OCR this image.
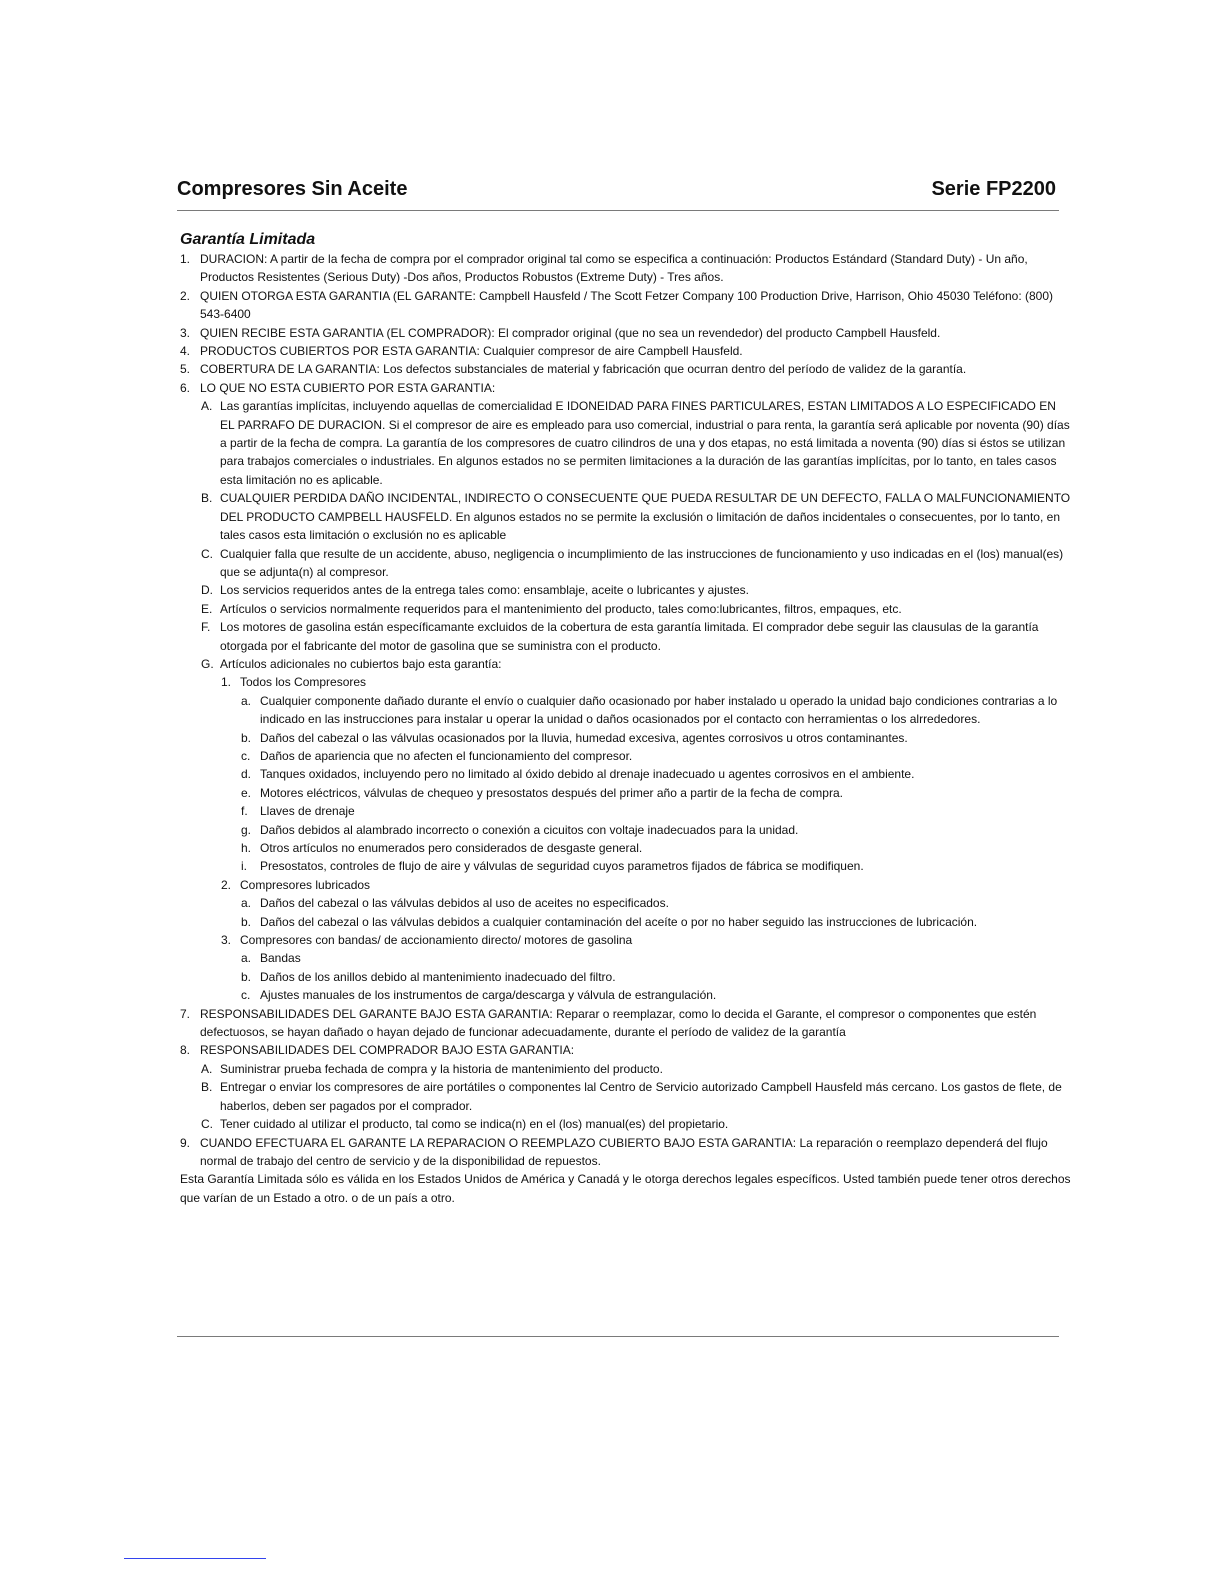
Compresores Sin Aceite	Serie FP2200
Garantía Limitada
1. DURACION: A partir de la fecha de compra por el comprador original tal como se especifica a continuación: Productos Estándard (Standard Duty) - Un año, Productos Resistentes (Serious Duty) -Dos años, Productos Robustos (Extreme Duty) - Tres años.
2. QUIEN OTORGA ESTA GARANTIA (EL GARANTE: Campbell Hausfeld / The Scott Fetzer Company 100 Production Drive, Harrison, Ohio 45030 Teléfono: (800) 543-6400
3. QUIEN RECIBE ESTA GARANTIA (EL COMPRADOR): El comprador original (que no sea un revendedor) del producto Campbell Hausfeld.
4. PRODUCTOS CUBIERTOS POR ESTA GARANTIA: Cualquier compresor de aire Campbell Hausfeld.
5. COBERTURA DE LA GARANTIA: Los defectos substanciales de material y fabricación que ocurran dentro del período de validez de la garantía.
6. LO QUE NO ESTA CUBIERTO POR ESTA GARANTIA:
A. Las garantías implícitas, incluyendo aquellas de comercialidad E IDONEIDAD PARA FINES PARTICULARES, ESTAN LIMITADOS A LO ESPECIFICADO EN EL PARRAFO DE DURACION. Si el compresor de aire es empleado para uso comercial, industrial o para renta, la garantía será aplicable por noventa (90) días a partir de la fecha de compra. La garantía de los compresores de cuatro cilindros de una y dos etapas, no está limitada a noventa (90) días si éstos se utilizan para trabajos comerciales o industriales. En algunos estados no se permiten limitaciones a la duración de las garantías implícitas, por lo tanto, en tales casos esta limitación no es aplicable.
B. CUALQUIER PERDIDA DAÑO INCIDENTAL, INDIRECTO O CONSECUENTE QUE PUEDA RESULTAR DE UN DEFECTO, FALLA O MALFUNCIONAMIENTO DEL PRODUCTO CAMPBELL HAUSFELD. En algunos estados no se permite la exclusión o limitación de daños incidentales o consecuentes, por lo tanto, en tales casos esta limitación o exclusión no es aplicable
C. Cualquier falla que resulte de un accidente, abuso, negligencia o incumplimiento de las instrucciones de funcionamiento y uso indicadas en el (los) manual(es) que se adjunta(n) al compresor.
D. Los servicios requeridos antes de la entrega tales como: ensamblaje, aceite o lubricantes y ajustes.
E. Artículos o servicios normalmente requeridos para el mantenimiento del producto, tales como:lubricantes, filtros, empaques, etc.
F. Los motores de gasolina están específicamante excluidos de la cobertura de esta garantía limitada. El comprador debe seguir las clausulas de la garantía otorgada por el fabricante del motor de gasolina que se suministra con el producto.
G. Artículos adicionales no cubiertos bajo esta garantía:
1. Todos los Compresores
a. Cualquier componente dañado durante el envío o cualquier daño ocasionado por haber instalado u operado la unidad bajo condiciones contrarias a lo indicado en las instrucciones para instalar u operar la unidad o daños ocasionados por el contacto con herramientas o los alrrededores.
b. Daños del cabezal o las válvulas ocasionados por la lluvia, humedad excesiva, agentes corrosivos u otros contaminantes.
c. Daños de apariencia que no afecten el funcionamiento del compresor.
d. Tanques oxidados, incluyendo pero no limitado al óxido debido al drenaje inadecuado u agentes corrosivos en el ambiente.
e. Motores eléctricos, válvulas de chequeo y presostatos después del primer año a partir de la fecha de compra.
f. Llaves de drenaje
g. Daños debidos al alambrado incorrecto o conexión a cicuitos con voltaje inadecuados para la unidad.
h. Otros artículos no enumerados pero considerados de desgaste general.
i. Presostatos, controles de flujo de aire y válvulas de seguridad cuyos parametros fijados de fábrica se modifiquen.
2. Compresores lubricados
a. Daños del cabezal o las válvulas debidos al uso de aceites no especificados.
b. Daños del cabezal o las válvulas debidos a cualquier contaminación del aceíte o por no haber seguido las instrucciones de lubricación.
3. Compresores con bandas/ de accionamiento directo/ motores de gasolina
a. Bandas
b. Daños de los anillos debido al mantenimiento inadecuado del filtro.
c. Ajustes manuales de los instrumentos de carga/descarga y válvula de estrangulación.
7. RESPONSABILIDADES DEL GARANTE BAJO ESTA GARANTIA: Reparar o reemplazar, como lo decida el Garante, el compresor o componentes que estén defectuosos, se hayan dañado o hayan dejado de funcionar adecuadamente, durante el período de validez de la garantía
8. RESPONSABILIDADES DEL COMPRADOR BAJO ESTA GARANTIA:
A. Suministrar prueba fechada de compra y la historia de mantenimiento del producto.
B. Entregar o enviar los compresores de aire portátiles o componentes lal Centro de Servicio autorizado Campbell Hausfeld más cercano. Los gastos de flete, de haberlos, deben ser pagados por el comprador.
C. Tener cuidado al utilizar el producto, tal como se indica(n) en el (los) manual(es) del propietario.
9. CUANDO EFECTUARA EL GARANTE LA REPARACION O REEMPLAZO CUBIERTO BAJO ESTA GARANTIA: La reparación o reemplazo dependerá del flujo normal de trabajo del centro de servicio y de la disponibilidad de repuestos.
Esta Garantía Limitada sólo es válida en los Estados Unidos de América y Canadá y le otorga derechos legales específicos. Usted también puede tener otros derechos que varían de un Estado a otro. o de un país a otro.
